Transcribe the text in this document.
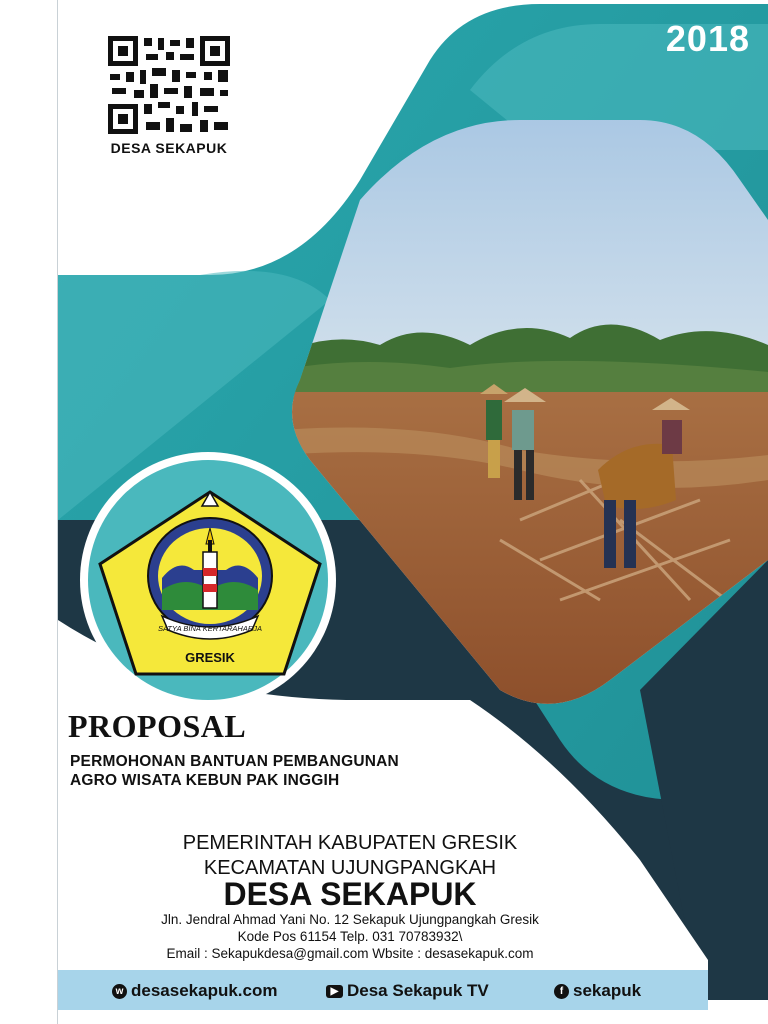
2018
DESA SEKAPUK
SATYA BINA KERTARAHARJA
GRESIK
PROPOSAL
PERMOHONAN BANTUAN PEMBANGUNAN
AGRO WISATA KEBUN PAK INGGIH
PEMERINTAH KABUPATEN GRESIK
KECAMATAN UJUNGPANGKAH
DESA SEKAPUK
Jln. Jendral Ahmad Yani No. 12 Sekapuk Ujungpangkah Gresik
Kode Pos 61154 Telp. 031 70783932\
Email : Sekapukdesa@gmail.com Wbsite : desasekapuk.com
w desasekapuk.com	▶ Desa Sekapuk TV	f sekapuk
